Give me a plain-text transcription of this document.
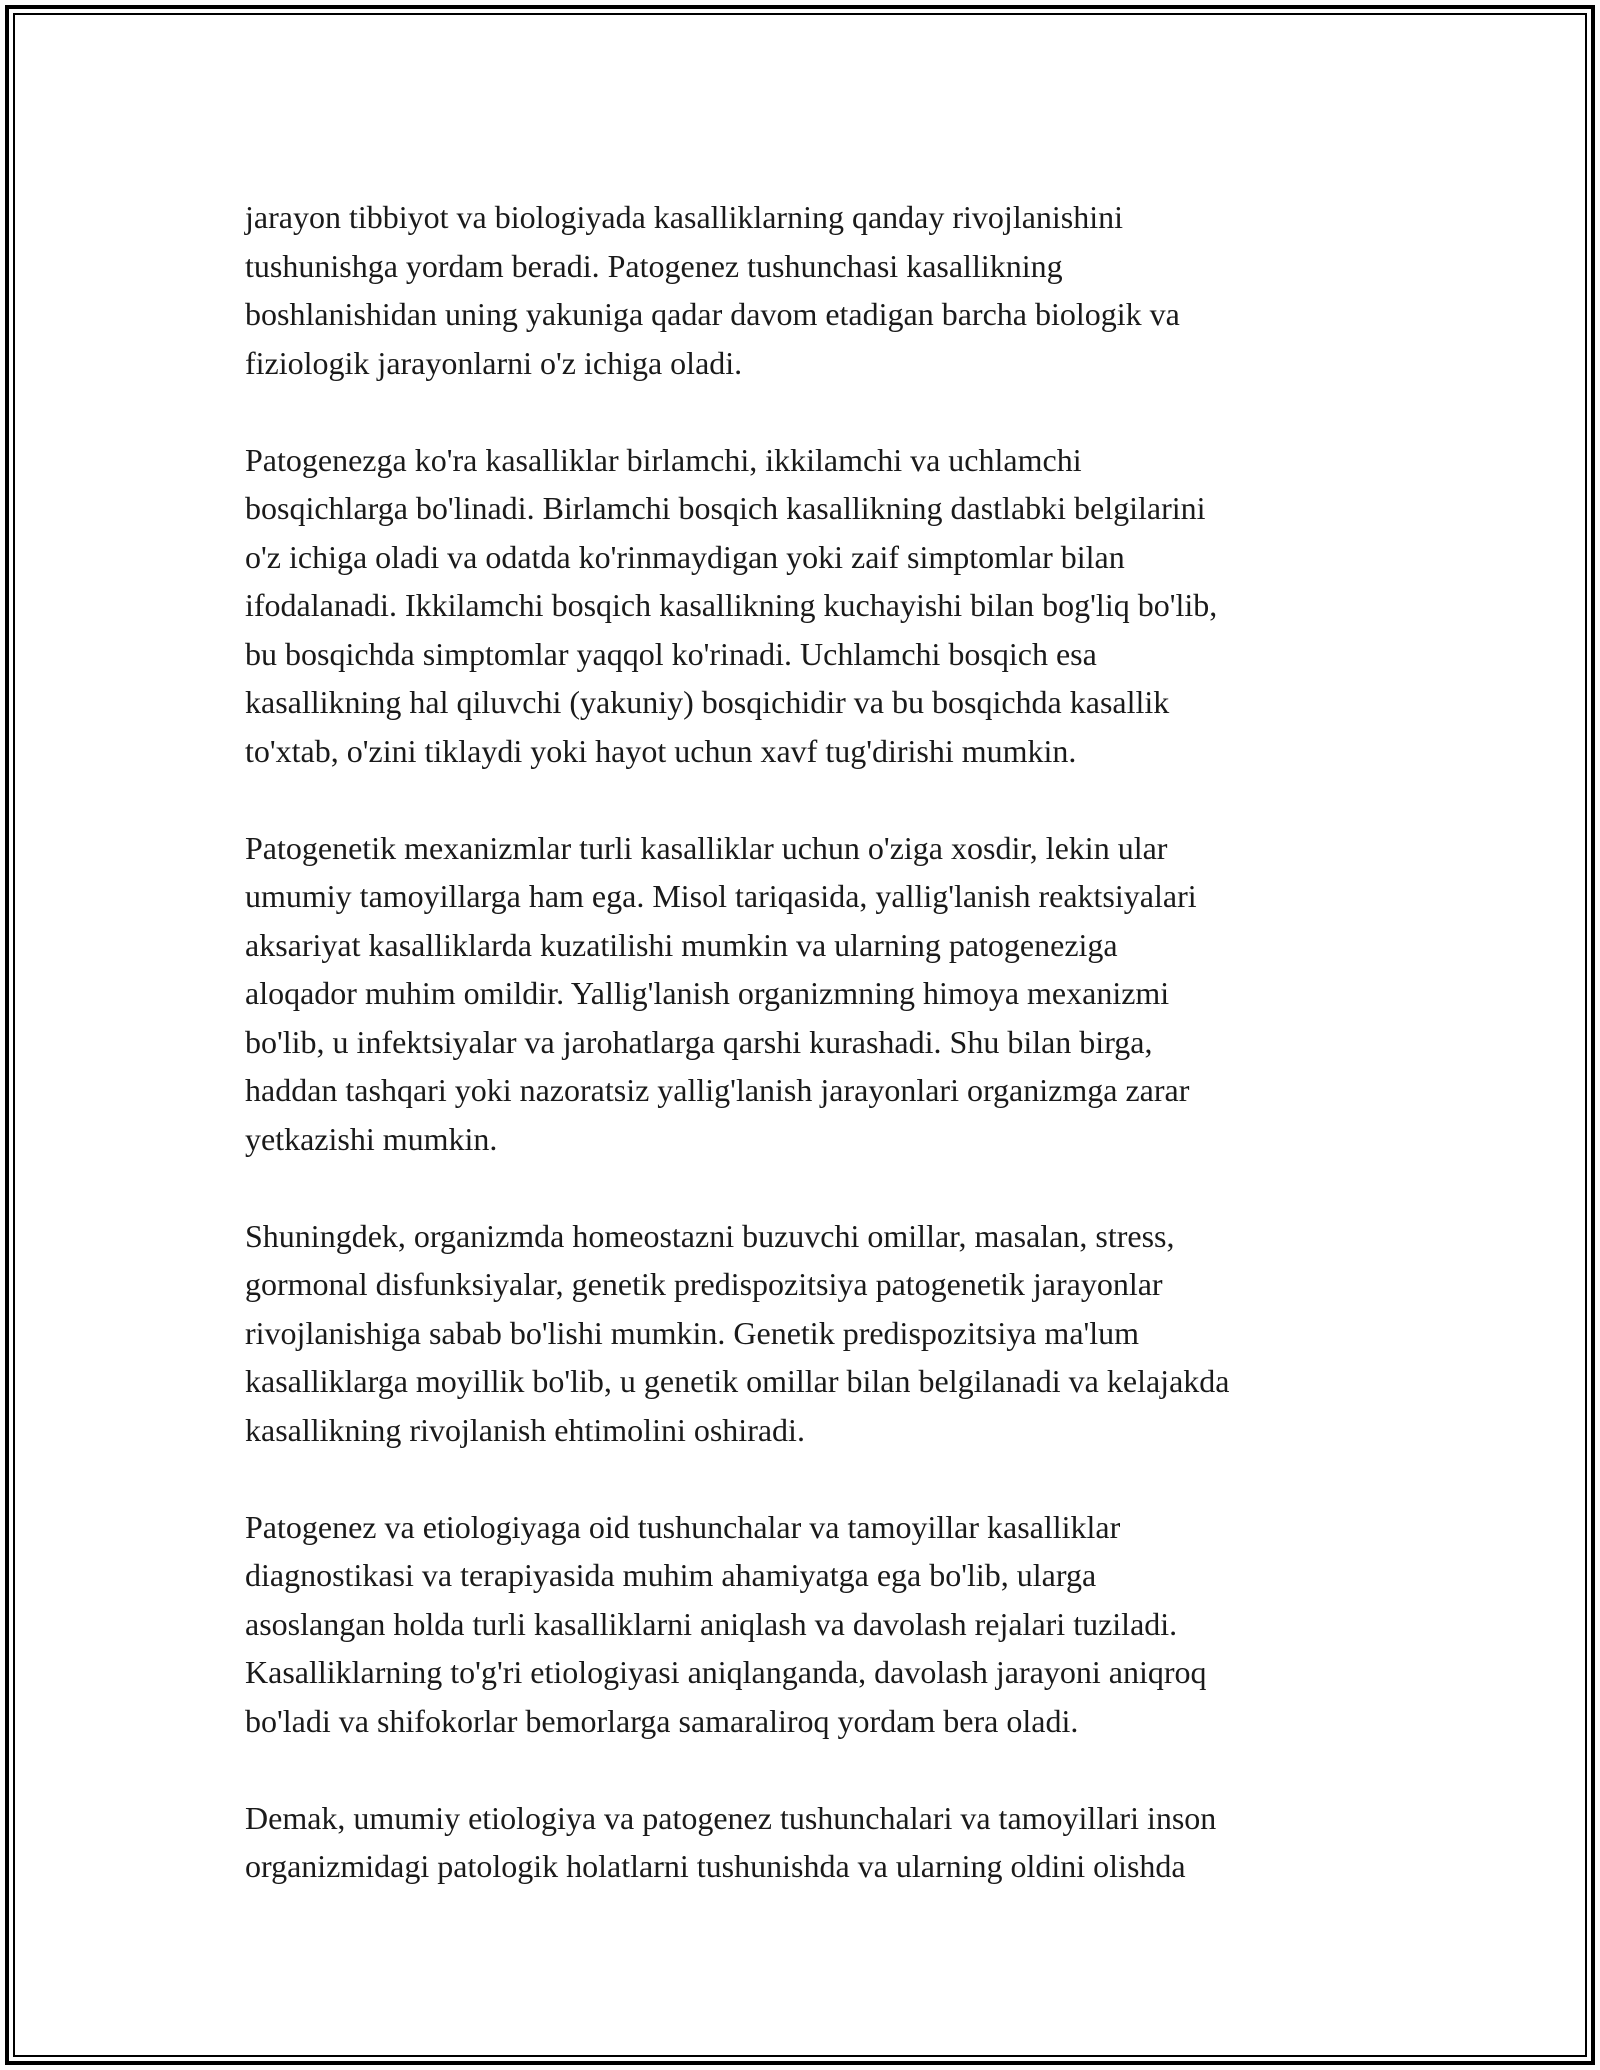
jarayon tibbiyot va biologiyada kasalliklarning qanday rivojlanishini
tushunishga yordam beradi. Patogenez tushunchasi kasallikning
boshlanishidan uning yakuniga qadar davom etadigan barcha biologik va
fiziologik jarayonlarni o'z ichiga oladi.

Patogenezga ko'ra kasalliklar birlamchi, ikkilamchi va uchlamchi
bosqichlarga bo'linadi. Birlamchi bosqich kasallikning dastlabki belgilarini
o'z ichiga oladi va odatda ko'rinmaydigan yoki zaif simptomlar bilan
ifodalanadi. Ikkilamchi bosqich kasallikning kuchayishi bilan bog'liq bo'lib,
bu bosqichda simptomlar yaqqol ko'rinadi. Uchlamchi bosqich esa
kasallikning hal qiluvchi (yakuniy) bosqichidir va bu bosqichda kasallik
to'xtab, o'zini tiklaydi yoki hayot uchun xavf tug'dirishi mumkin.

Patogenetik mexanizmlar turli kasalliklar uchun o'ziga xosdir, lekin ular
umumiy tamoyillarga ham ega. Misol tariqasida, yallig'lanish reaktsiyalari
aksariyat kasalliklarda kuzatilishi mumkin va ularning patogeneziga
aloqador muhim omildir. Yallig'lanish organizmning himoya mexanizmi
bo'lib, u infektsiyalar va jarohatlarga qarshi kurashadi. Shu bilan birga,
haddan tashqari yoki nazoratsiz yallig'lanish jarayonlari organizmga zarar
yetkazishi mumkin.

Shuningdek, organizmda homeostazni buzuvchi omillar, masalan, stress,
gormonal disfunksiyalar, genetik predispozitsiya patogenetik jarayonlar
rivojlanishiga sabab bo'lishi mumkin. Genetik predispozitsiya ma'lum
kasalliklarga moyillik bo'lib, u genetik omillar bilan belgilanadi va kelajakda
kasallikning rivojlanish ehtimolini oshiradi.

Patogenez va etiologiyaga oid tushunchalar va tamoyillar kasalliklar
diagnostikasi va terapiyasida muhim ahamiyatga ega bo'lib, ularga
asoslangan holda turli kasalliklarni aniqlash va davolash rejalari tuziladi.
Kasalliklarning to'g'ri etiologiyasi aniqlanganda, davolash jarayoni aniqroq
bo'ladi va shifokorlar bemorlarga samaraliroq yordam bera oladi.

Demak, umumiy etiologiya va patogenez tushunchalari va tamoyillari inson
organizmidagi patologik holatlarni tushunishda va ularning oldini olishda
